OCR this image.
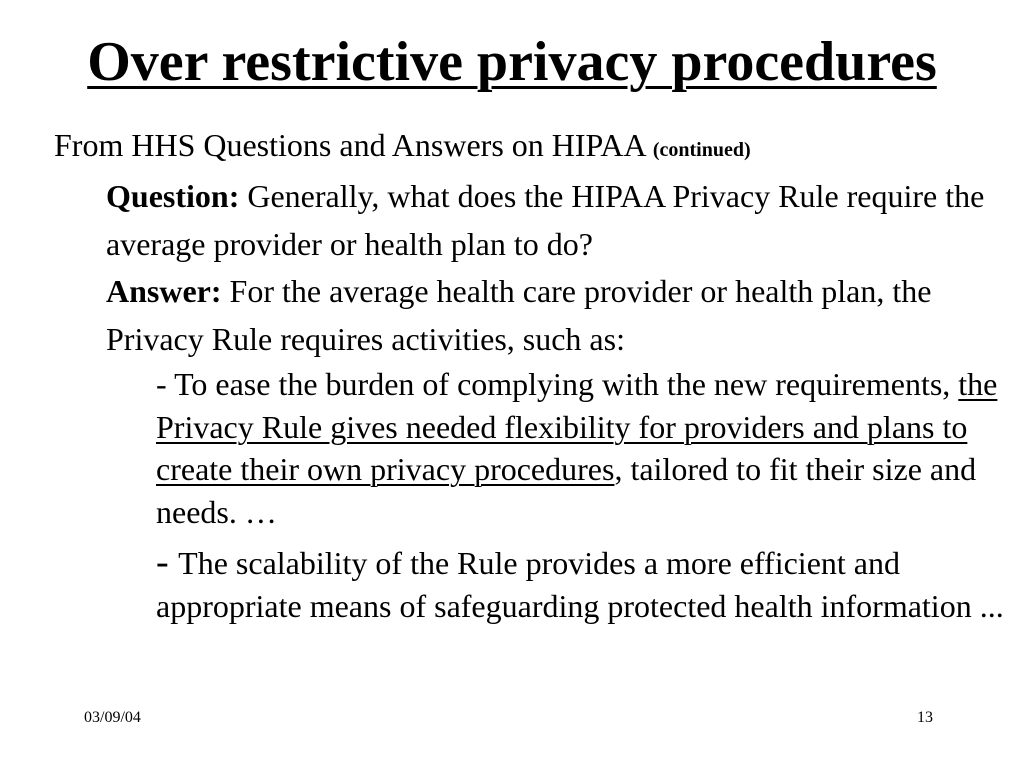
Over restrictive privacy procedures
From HHS Questions and Answers on HIPAA (continued)
Question: Generally, what does the HIPAA Privacy Rule require the average provider or health plan to do?
Answer: For the average health care provider or health plan, the Privacy Rule requires activities, such as:
- To ease the burden of complying with the new requirements, the Privacy Rule gives needed flexibility for providers and plans to create their own privacy procedures, tailored to fit their size and needs. …
- The scalability of the Rule provides a more efficient and appropriate means of safeguarding protected health information ...
03/09/04	13
